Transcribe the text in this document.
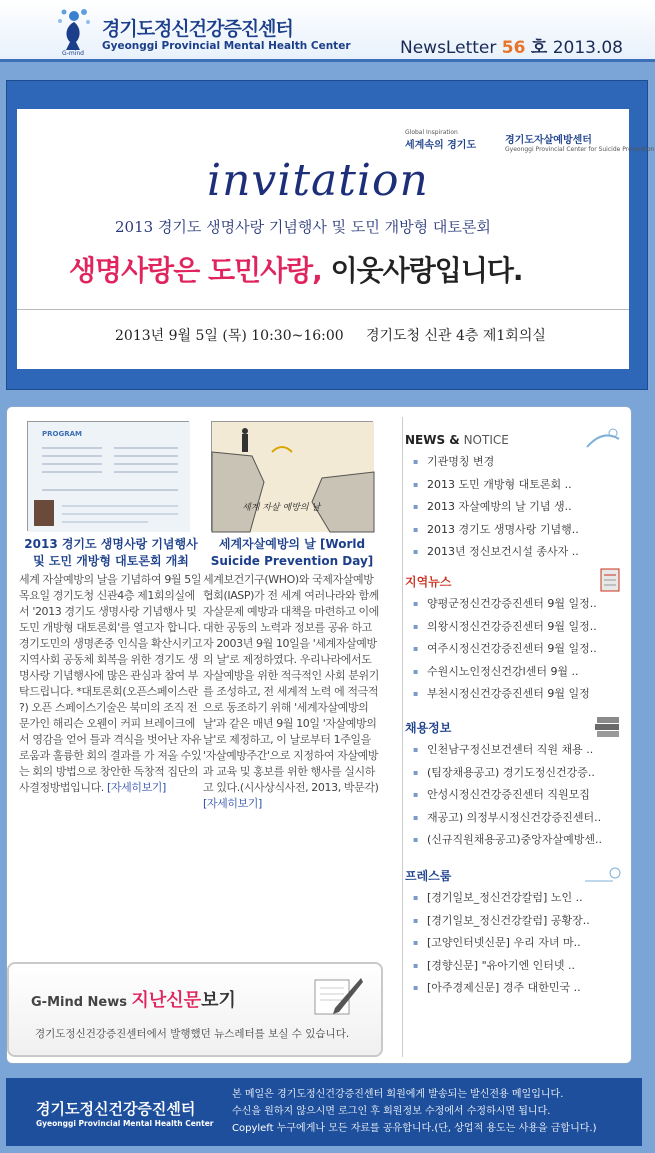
G-mind
경기도정신건강증진센터
Gyeonggi Provincial Mental Health Center	NewsLetter 56 호 2013.08
Global Inspiration
세계속의 경기도	경기도자살예방센터
Gyeonggi Provincial Center for Suicide Prevention
invitation
2013 경기도 생명사랑 기념행사 및 도민 개방형 대토론회
생명사랑은 도민사랑, 이웃사랑입니다.
2013년 9월 5일 (목) 10:30~16:00 경기도청 신관 4층 제1회의실
PROGRAM
2013 경기도 생명사랑 기념행사 및 도민 개방형 대토론회 개최
세계 자살예방의 날을 기념하여 9월 5일 목요일 경기도청 신관4층 제1회의실에서 '2013 경기도 생명사랑 기념행사 및 도민 개방형 대토론회'를 열고자 합니다. 경기도민의 생명존중 인식을 확산시키고 지역사회 공동체 회복을 위한 경기도 생명사랑 기념행사에 많은 관심과 참여 부탁드립니다. *대토론회(오픈스페이스란 ?) 오픈 스페이스기술은 북미의 조직 전문가인 해리슨 오웬이 커피 브레이크에서 영감을 얻어 틀과 격식을 벗어난 자유로움과 훌륭한 회의 결과를 가 져올 수있는 회의 방법으로 창안한 독창적 집단의사결정방법입니다. [자세히보기]
세계 자살 예방의 날
세계자살예방의 날 [World Suicide Prevention Day]
세계보건기구(WHO)와 국제자살예방협회(IASP)가 전 세계 여러나라와 함께 자살문제 예방과 대책을 마련하고 이에 대한 공동의 노력과 정보를 공유 하고자 2003년 9월 10일을 '세계자살예방의 날'로 제정하였다. 우리나라에서도 자살예방을 위한 적극적인 사회 분위기를 조성하고, 전 세계적 노력 에 적극적으로 동조하기 위해 '세계자살예방의 날'과 같은 매년 9월 10일 '자살예방의 날'로 제정하고, 이 날로부터 1주일을 '자살예방주간'으로 지정하여 자살예방과 교육 및 홍보를 위한 행사를 실시하고 있다.(시사상식사전, 2013, 박문각) [자세히보기]
G-Mind News 지난신문보기
경기도정신건강증진센터에서 발행했던 뉴스레터를 보실 수 있습니다.
NEWS & NOTICE
▪ 기관명칭 변경
▪ 2013 도민 개방형 대토론회 ..
▪ 2013 자살예방의 날 기념 생..
▪ 2013 경기도 생명사랑 기념행..
▪ 2013년 정신보건시설 종사자 ..
지역뉴스
▪ 양평군정신건강증진센터 9월 일정..
▪ 의왕시정신건강증진센터 9월 일정..
▪ 여주시정신건강증진센터 9월 일정..
▪ 수원시노인정신건강l센터 9월 ..
▪ 부천시정신건강증진센터 9월 일정
채용정보
▪ 인천남구정신보건센터 직원 채용 ..
▪ (팀장채용공고) 경기도정신건강증..
▪ 안성시정신건강증진센터 직원모집
▪ 재공고) 의정부시정신건강증진센터..
▪ (신규직원채용공고)중앙자살예방센..
프레스룸
▪ [경기일보_정신건강칼럼] 노인 ..
▪ [경기일보_정신건강칼럼] 공황장..
▪ [고양인터넷신문] 우리 자녀 마..
▪ [경향신문] "유아기엔 인터넷 ..
▪ [아주경제신문] 경주 대한민국 ..
경기도정신건강증진센터
Gyeonggi Provincial Mental Health Center
본 메일은 경기도정신건강증진센터 회원에게 발송되는 발신전용 메일입니다.
수신을 원하지 않으시면 로그인 후 회원정보 수정에서 수정하시면 됩니다.
Copyleft 누구에게나 모든 자료를 공유합니다.(단, 상업적 용도는 사용을 금합니다.)
